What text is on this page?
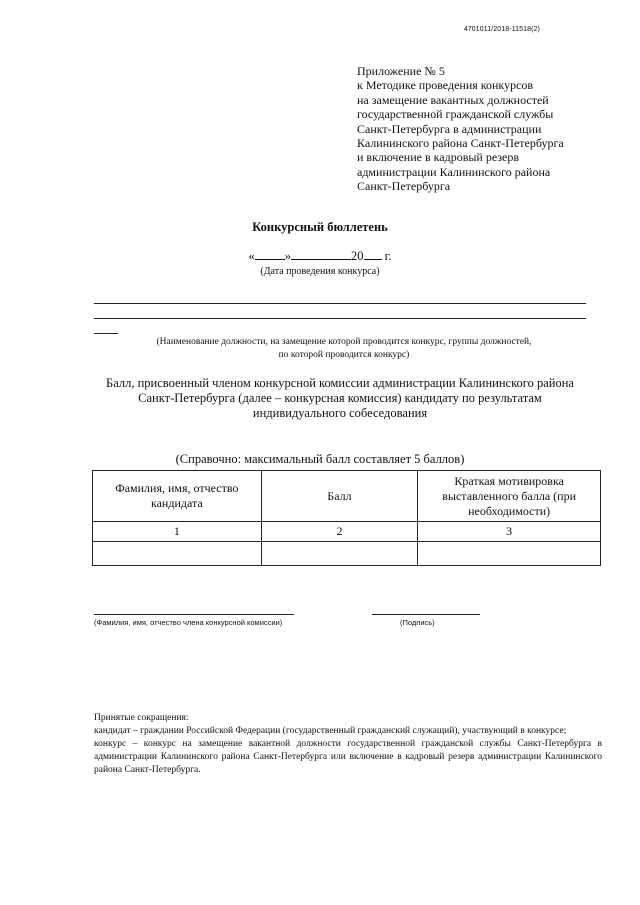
4701011/2018-11518(2)
Приложение № 5
к Методике проведения конкурсов
на замещение вакантных должностей
государственной гражданской службы
Санкт-Петербурга в администрации
Калининского района Санкт-Петербурга
и включение в кадровый резерв
администрации Калининского района
Санкт-Петербурга
Конкурсный бюллетень
« »	20 г.
(Дата проведения конкурса)
(Наименование должности, на замещение которой проводится конкурс, группы должностей,
по которой проводится конкурс)
Балл, присвоенный членом конкурсной комиссии администрации Калининского района
Санкт-Петербурга (далее – конкурсная комиссия) кандидату по результатам
индивидуального собеседования
(Справочно: максимальный балл составляет 5 баллов)
Фамилия, имя, отчество кандидата	Балл	Краткая мотивировка выставленного балла (при необходимости)
1	2	3

(Фамилия, имя, отчество члена конкурсной комиссии)	(Подпись)
Принятые сокращения:
кандидат – граждании Российской Федерации (государственный гражданский служащий), участвующий в конкурсе;
конкурс – конкурс на замещение вакантной должности государственной гражданской службы Санкт-Петербурга в администрации Калининского района Санкт-Петербурга или включение в кадровый резерв администрации Калининского района Санкт-Петербурга.
